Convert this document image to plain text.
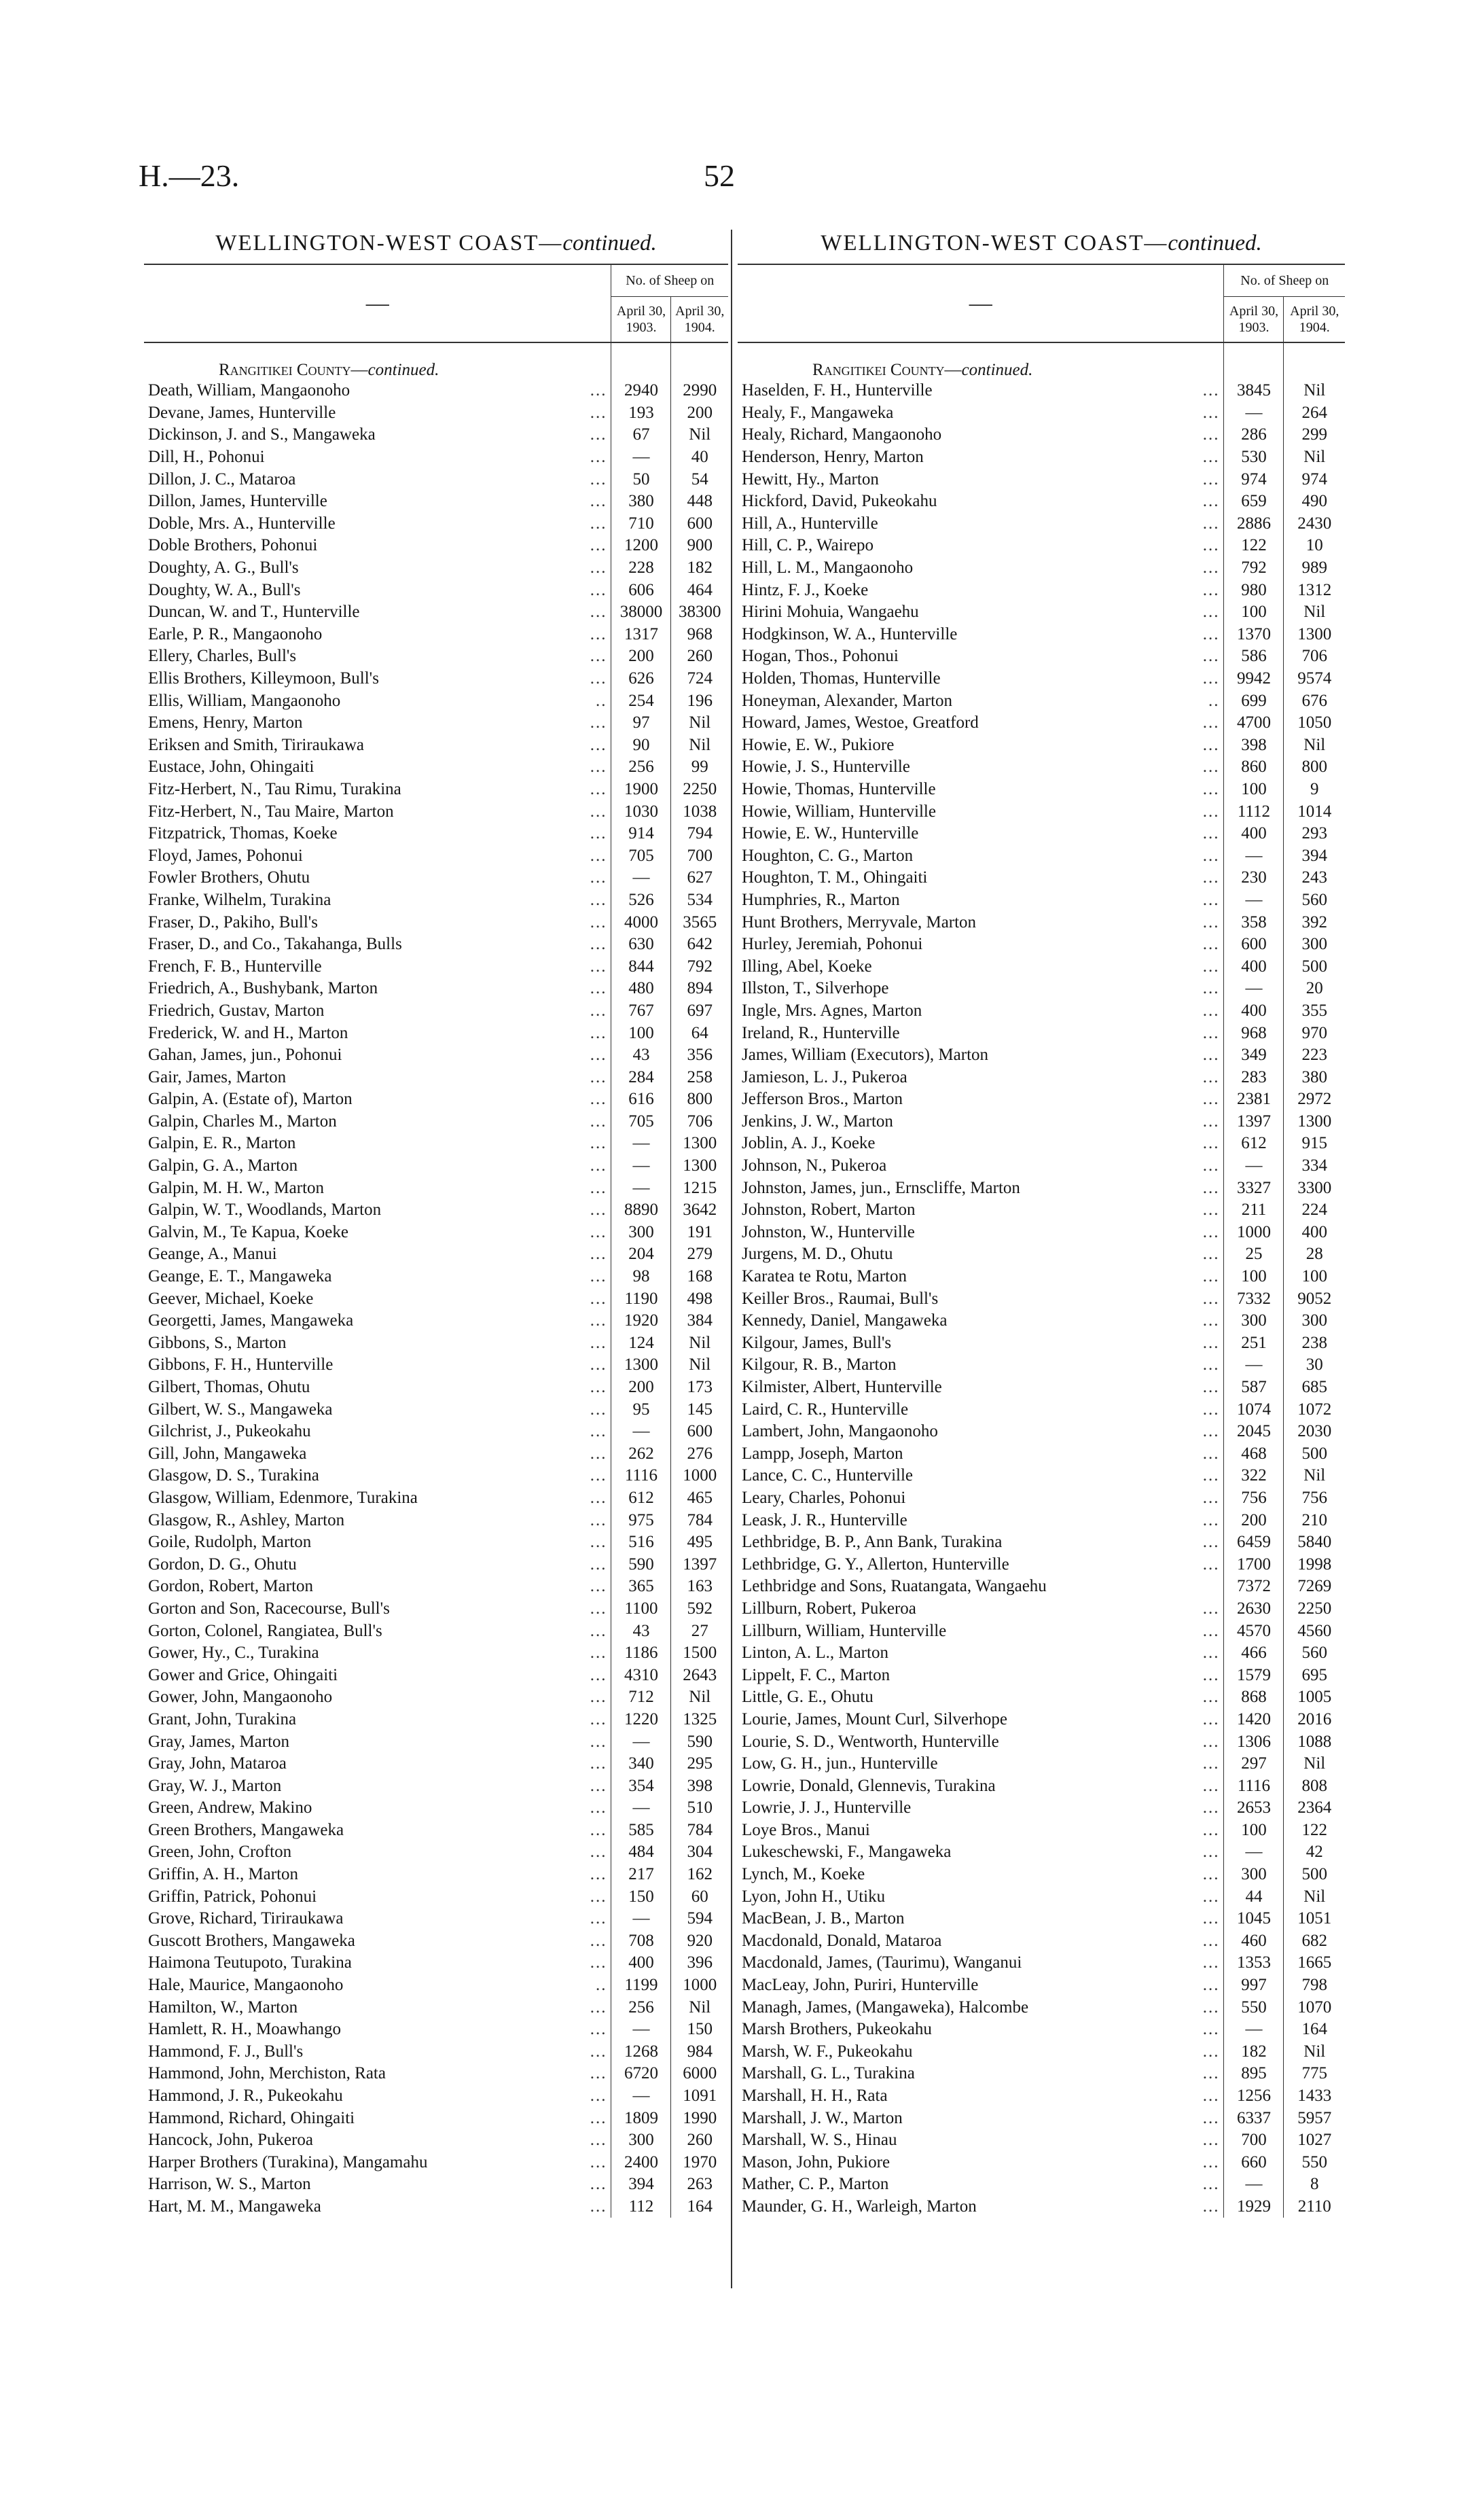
H.—23.	52
WELLINGTON-WEST COAST—continued.
—		No. of Sheep on	
		April 30, 1903.	April 30, 1904.
Rangitikei County—continued.			
Death, William, Mangaonoho	...	2940	2990
Devane, James, Hunterville	...	193	200
Dickinson, J. and S., Mangaweka	...	67	Nil
Dill, H., Pohonui	...	—	40
Dillon, J. C., Mataroa	...	50	54
Dillon, James, Hunterville	...	380	448
Doble, Mrs. A., Hunterville	...	710	600
Doble Brothers, Pohonui	...	1200	900
Doughty, A. G., Bull's	...	228	182
Doughty, W. A., Bull's	...	606	464
Duncan, W. and T., Hunterville	...	38000	38300
Earle, P. R., Mangaonoho	...	1317	968
Ellery, Charles, Bull's	...	200	260
Ellis Brothers, Killeymoon, Bull's	...	626	724
Ellis, William, Mangaonoho	..	254	196
Emens, Henry, Marton	...	97	Nil
Eriksen and Smith, Tiriraukawa	...	90	Nil
Eustace, John, Ohingaiti	...	256	99
Fitz-Herbert, N., Tau Rimu, Turakina	...	1900	2250
Fitz-Herbert, N., Tau Maire, Marton	...	1030	1038
Fitzpatrick, Thomas, Koeke	...	914	794
Floyd, James, Pohonui	...	705	700
Fowler Brothers, Ohutu	...	—	627
Franke, Wilhelm, Turakina	...	526	534
Fraser, D., Pakiho, Bull's	...	4000	3565
Fraser, D., and Co., Takahanga, Bulls	...	630	642
French, F. B., Hunterville	...	844	792
Friedrich, A., Bushybank, Marton	...	480	894
Friedrich, Gustav, Marton	...	767	697
Frederick, W. and H., Marton	...	100	64
Gahan, James, jun., Pohonui	...	43	356
Gair, James, Marton	...	284	258
Galpin, A. (Estate of), Marton	...	616	800
Galpin, Charles M., Marton	...	705	706
Galpin, E. R., Marton	...	—	1300
Galpin, G. A., Marton	...	—	1300
Galpin, M. H. W., Marton	...	—	1215
Galpin, W. T., Woodlands, Marton	...	8890	3642
Galvin, M., Te Kapua, Koeke	...	300	191
Geange, A., Manui	...	204	279
Geange, E. T., Mangaweka	...	98	168
Geever, Michael, Koeke	...	1190	498
Georgetti, James, Mangaweka	...	1920	384
Gibbons, S., Marton	...	124	Nil
Gibbons, F. H., Hunterville	...	1300	Nil
Gilbert, Thomas, Ohutu	...	200	173
Gilbert, W. S., Mangaweka	...	95	145
Gilchrist, J., Pukeokahu	...	—	600
Gill, John, Mangaweka	...	262	276
Glasgow, D. S., Turakina	...	1116	1000
Glasgow, William, Edenmore, Turakina	...	612	465
Glasgow, R., Ashley, Marton	...	975	784
Goile, Rudolph, Marton	...	516	495
Gordon, D. G., Ohutu	...	590	1397
Gordon, Robert, Marton	...	365	163
Gorton and Son, Racecourse, Bull's	...	1100	592
Gorton, Colonel, Rangiatea, Bull's	...	43	27
Gower, Hy., C., Turakina	...	1186	1500
Gower and Grice, Ohingaiti	...	4310	2643
Gower, John, Mangaonoho	...	712	Nil
Grant, John, Turakina	...	1220	1325
Gray, James, Marton	...	—	590
Gray, John, Mataroa	...	340	295
Gray, W. J., Marton	...	354	398
Green, Andrew, Makino	...	—	510
Green Brothers, Mangaweka	...	585	784
Green, John, Crofton	...	484	304
Griffin, A. H., Marton	...	217	162
Griffin, Patrick, Pohonui	...	150	60
Grove, Richard, Tiriraukawa	...	—	594
Guscott Brothers, Mangaweka	...	708	920
Haimona Teutupoto, Turakina	...	400	396
Hale, Maurice, Mangaonoho	..	1199	1000
Hamilton, W., Marton	...	256	Nil
Hamlett, R. H., Moawhango	...	—	150
Hammond, F. J., Bull's	...	1268	984
Hammond, John, Merchiston, Rata	...	6720	6000
Hammond, J. R., Pukeokahu	...	—	1091
Hammond, Richard, Ohingaiti	...	1809	1990
Hancock, John, Pukeroa	...	300	260
Harper Brothers (Turakina), Mangamahu	...	2400	1970
Harrison, W. S., Marton	...	394	263
Hart, M. M., Mangaweka	...	112	164
WELLINGTON-WEST COAST—continued.
—		No. of Sheep on	
		April 30, 1903.	April 30, 1904.
Rangitikei County—continued.			
Haselden, F. H., Hunterville	...	3845	Nil
Healy, F., Mangaweka	...	—	264
Healy, Richard, Mangaonoho	...	286	299
Henderson, Henry, Marton	...	530	Nil
Hewitt, Hy., Marton	...	974	974
Hickford, David, Pukeokahu	...	659	490
Hill, A., Hunterville	...	2886	2430
Hill, C. P., Wairepo	...	122	10
Hill, L. M., Mangaonoho	...	792	989
Hintz, F. J., Koeke	...	980	1312
Hirini Mohuia, Wangaehu	...	100	Nil
Hodgkinson, W. A., Hunterville	...	1370	1300
Hogan, Thos., Pohonui	...	586	706
Holden, Thomas, Hunterville	...	9942	9574
Honeyman, Alexander, Marton	..	699	676
Howard, James, Westoe, Greatford	...	4700	1050
Howie, E. W., Pukiore	...	398	Nil
Howie, J. S., Hunterville	...	860	800
Howie, Thomas, Hunterville	...	100	9
Howie, William, Hunterville	...	1112	1014
Howie, E. W., Hunterville	...	400	293
Houghton, C. G., Marton	...	—	394
Houghton, T. M., Ohingaiti	...	230	243
Humphries, R., Marton	...	—	560
Hunt Brothers, Merryvale, Marton	...	358	392
Hurley, Jeremiah, Pohonui	...	600	300
Illing, Abel, Koeke	...	400	500
Illston, T., Silverhope	...	—	20
Ingle, Mrs. Agnes, Marton	...	400	355
Ireland, R., Hunterville	...	968	970
James, William (Executors), Marton	...	349	223
Jamieson, L. J., Pukeroa	...	283	380
Jefferson Bros., Marton	...	2381	2972
Jenkins, J. W., Marton	...	1397	1300
Joblin, A. J., Koeke	...	612	915
Johnson, N., Pukeroa	...	—	334
Johnston, James, jun., Ernscliffe, Marton	...	3327	3300
Johnston, Robert, Marton	...	211	224
Johnston, W., Hunterville	...	1000	400
Jurgens, M. D., Ohutu	...	25	28
Karatea te Rotu, Marton	...	100	100
Keiller Bros., Raumai, Bull's	...	7332	9052
Kennedy, Daniel, Mangaweka	...	300	300
Kilgour, James, Bull's	...	251	238
Kilgour, R. B., Marton	...	—	30
Kilmister, Albert, Hunterville	...	587	685
Laird, C. R., Hunterville	...	1074	1072
Lambert, John, Mangaonoho	...	2045	2030
Lampp, Joseph, Marton	...	468	500
Lance, C. C., Hunterville	...	322	Nil
Leary, Charles, Pohonui	...	756	756
Leask, J. R., Hunterville	...	200	210
Lethbridge, B. P., Ann Bank, Turakina	...	6459	5840
Lethbridge, G. Y., Allerton, Hunterville	...	1700	1998
Lethbridge and Sons, Ruatangata, Wangaehu		7372	7269
Lillburn, Robert, Pukeroa	...	2630	2250
Lillburn, William, Hunterville	...	4570	4560
Linton, A. L., Marton	...	466	560
Lippelt, F. C., Marton	...	1579	695
Little, G. E., Ohutu	...	868	1005
Lourie, James, Mount Curl, Silverhope	...	1420	2016
Lourie, S. D., Wentworth, Hunterville	...	1306	1088
Low, G. H., jun., Hunterville	...	297	Nil
Lowrie, Donald, Glennevis, Turakina	...	1116	808
Lowrie, J. J., Hunterville	...	2653	2364
Loye Bros., Manui	...	100	122
Lukeschewski, F., Mangaweka	...	—	42
Lynch, M., Koeke	...	300	500
Lyon, John H., Utiku	...	44	Nil
MacBean, J. B., Marton	...	1045	1051
Macdonald, Donald, Mataroa	...	460	682
Macdonald, James, (Taurimu), Wanganui	...	1353	1665
MacLeay, John, Puriri, Hunterville	...	997	798
Managh, James, (Mangaweka), Halcombe	...	550	1070
Marsh Brothers, Pukeokahu	...	—	164
Marsh, W. F., Pukeokahu	...	182	Nil
Marshall, G. L., Turakina	...	895	775
Marshall, H. H., Rata	...	1256	1433
Marshall, J. W., Marton	...	6337	5957
Marshall, W. S., Hinau	...	700	1027
Mason, John, Pukiore	...	660	550
Mather, C. P., Marton	...	—	8
Maunder, G. H., Warleigh, Marton	...	1929	2110
